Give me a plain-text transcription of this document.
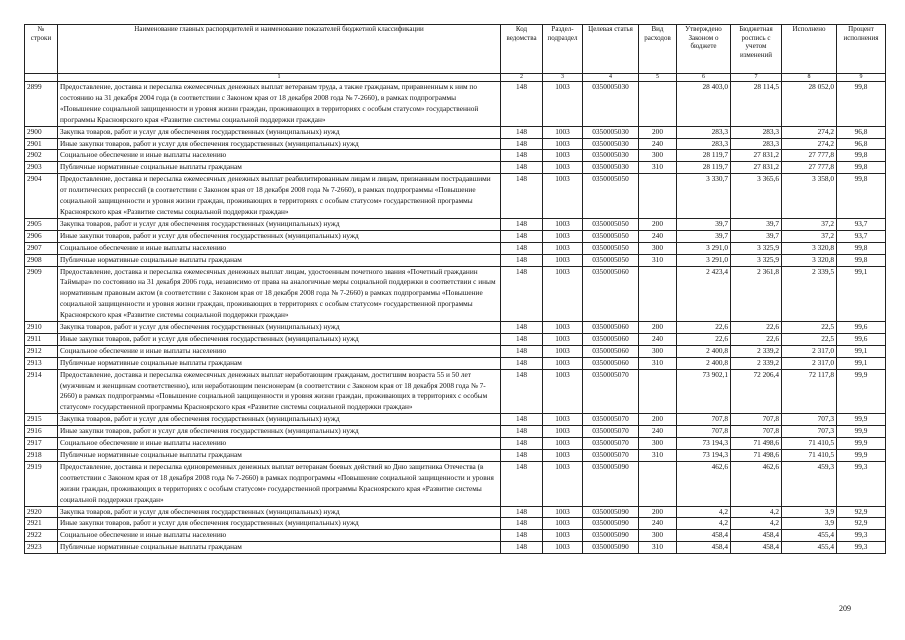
№ строки	Наименование главных распорядителей и наименование показателей бюджетной классификации	Код ведомства	Раздел-подраздел	Целевая статья	Вид расходов	Утверждено Законом о бюджете	Бюджетная роспись с учетом изменений	Исполнено	Процент исполнения
	1	2	3	4	5	6	7	8	9
2899	Предоставление, доставка и пересылка ежемесячных денежных выплат ветеранам труда, а также гражданам, приравненным к ним по состоянию на 31 декабря 2004 года (в соответствии с Законом края от 18 декабря 2008 года № 7-2660), в рамках подпрограммы «Повышение социальной защищенности и уровня жизни граждан, проживающих в территориях с особым статусом» государственной программы Красноярского края «Развитие системы социальной поддержки граждан»	148	1003	0350005030		28 403,0	28 114,5	28 052,0	99,8
2900	Закупка товаров, работ и услуг для обеспечения государственных (муниципальных) нужд	148	1003	0350005030	200	283,3	283,3	274,2	96,8
2901	Иные закупки товаров, работ и услуг для обеспечения государственных (муниципальных) нужд	148	1003	0350005030	240	283,3	283,3	274,2	96,8
2902	Социальное обеспечение и иные выплаты населению	148	1003	0350005030	300	28 119,7	27 831,2	27 777,8	99,8
2903	Публичные нормативные социальные выплаты гражданам	148	1003	0350005030	310	28 119,7	27 831,2	27 777,8	99,8
2904	Предоставление, доставка и пересылка ежемесячных денежных выплат реабилитированным лицам и лицам, признанным пострадавшими от политических репрессий (в соответствии с Законом края от 18 декабря 2008 года № 7-2660), в рамках подпрограммы «Повышение социальной защищенности и уровня жизни граждан, проживающих в территориях с особым статусом» государственной программы Красноярского края «Развитие системы социальной поддержки граждан»	148	1003	0350005050		3 330,7	3 365,6	3 358,0	99,8
2905	Закупка товаров, работ и услуг для обеспечения государственных (муниципальных) нужд	148	1003	0350005050	200	39,7	39,7	37,2	93,7
2906	Иные закупки товаров, работ и услуг для обеспечения государственных (муниципальных) нужд	148	1003	0350005050	240	39,7	39,7	37,2	93,7
2907	Социальное обеспечение и иные выплаты населению	148	1003	0350005050	300	3 291,0	3 325,9	3 320,8	99,8
2908	Публичные нормативные социальные выплаты гражданам	148	1003	0350005050	310	3 291,0	3 325,9	3 320,8	99,8
2909	Предоставление, доставка и пересылка ежемесячных денежных выплат лицам, удостоенным почетного звания «Почетный гражданин Таймыра» по состоянию на 31 декабря 2006 года, независимо от права на аналогичные меры социальной поддержки в соответствии с иным нормативным правовым актом (в соответствии с Законом края от 18 декабря 2008 года № 7-2660) в рамках подпрограммы «Повышение социальной защищенности и уровня жизни граждан, проживающих в территориях с особым статусом» государственной программы Красноярского края «Развитие системы социальной поддержки граждан»	148	1003	0350005060		2 423,4	2 361,8	2 339,5	99,1
2910	Закупка товаров, работ и услуг для обеспечения государственных (муниципальных) нужд	148	1003	0350005060	200	22,6	22,6	22,5	99,6
2911	Иные закупки товаров, работ и услуг для обеспечения государственных (муниципальных) нужд	148	1003	0350005060	240	22,6	22,6	22,5	99,6
2912	Социальное обеспечение и иные выплаты населению	148	1003	0350005060	300	2 400,8	2 339,2	2 317,0	99,1
2913	Публичные нормативные социальные выплаты гражданам	148	1003	0350005060	310	2 400,8	2 339,2	2 317,0	99,1
2914	Предоставление, доставка и пересылка ежемесячных денежных выплат неработающим гражданам, достигшим возраста 55 и 50 лет (мужчинам и женщинам соответственно), или неработающим пенсионерам (в соответствии с Законом края от 18 декабря 2008 года № 7-2660) в рамках подпрограммы «Повышение социальной защищенности и уровня жизни граждан, проживающих в территориях с особым статусом» государственной программы Красноярского края «Развитие системы социальной поддержки граждан»	148	1003	0350005070		73 902,1	72 206,4	72 117,8	99,9
2915	Закупка товаров, работ и услуг для обеспечения государственных (муниципальных) нужд	148	1003	0350005070	200	707,8	707,8	707,3	99,9
2916	Иные закупки товаров, работ и услуг для обеспечения государственных (муниципальных) нужд	148	1003	0350005070	240	707,8	707,8	707,3	99,9
2917	Социальное обеспечение и иные выплаты населению	148	1003	0350005070	300	73 194,3	71 498,6	71 410,5	99,9
2918	Публичные нормативные социальные выплаты гражданам	148	1003	0350005070	310	73 194,3	71 498,6	71 410,5	99,9
2919	Предоставление, доставка и пересылка единовременных денежных выплат ветеранам боевых действий ко Дню защитника Отечества (в соответствии с Законом края от 18 декабря 2008 года № 7-2660) в рамках подпрограммы «Повышение социальной защищенности и уровня жизни граждан, проживающих в территориях с особым статусом» государственной программы Красноярского края «Развитие системы социальной поддержки граждан»	148	1003	0350005090		462,6	462,6	459,3	99,3
2920	Закупка товаров, работ и услуг для обеспечения государственных (муниципальных) нужд	148	1003	0350005090	200	4,2	4,2	3,9	92,9
2921	Иные закупки товаров, работ и услуг для обеспечения государственных (муниципальных) нужд	148	1003	0350005090	240	4,2	4,2	3,9	92,9
2922	Социальное обеспечение и иные выплаты населению	148	1003	0350005090	300	458,4	458,4	455,4	99,3
2923	Публичные нормативные социальные выплаты гражданам	148	1003	0350005090	310	458,4	458,4	455,4	99,3
209
